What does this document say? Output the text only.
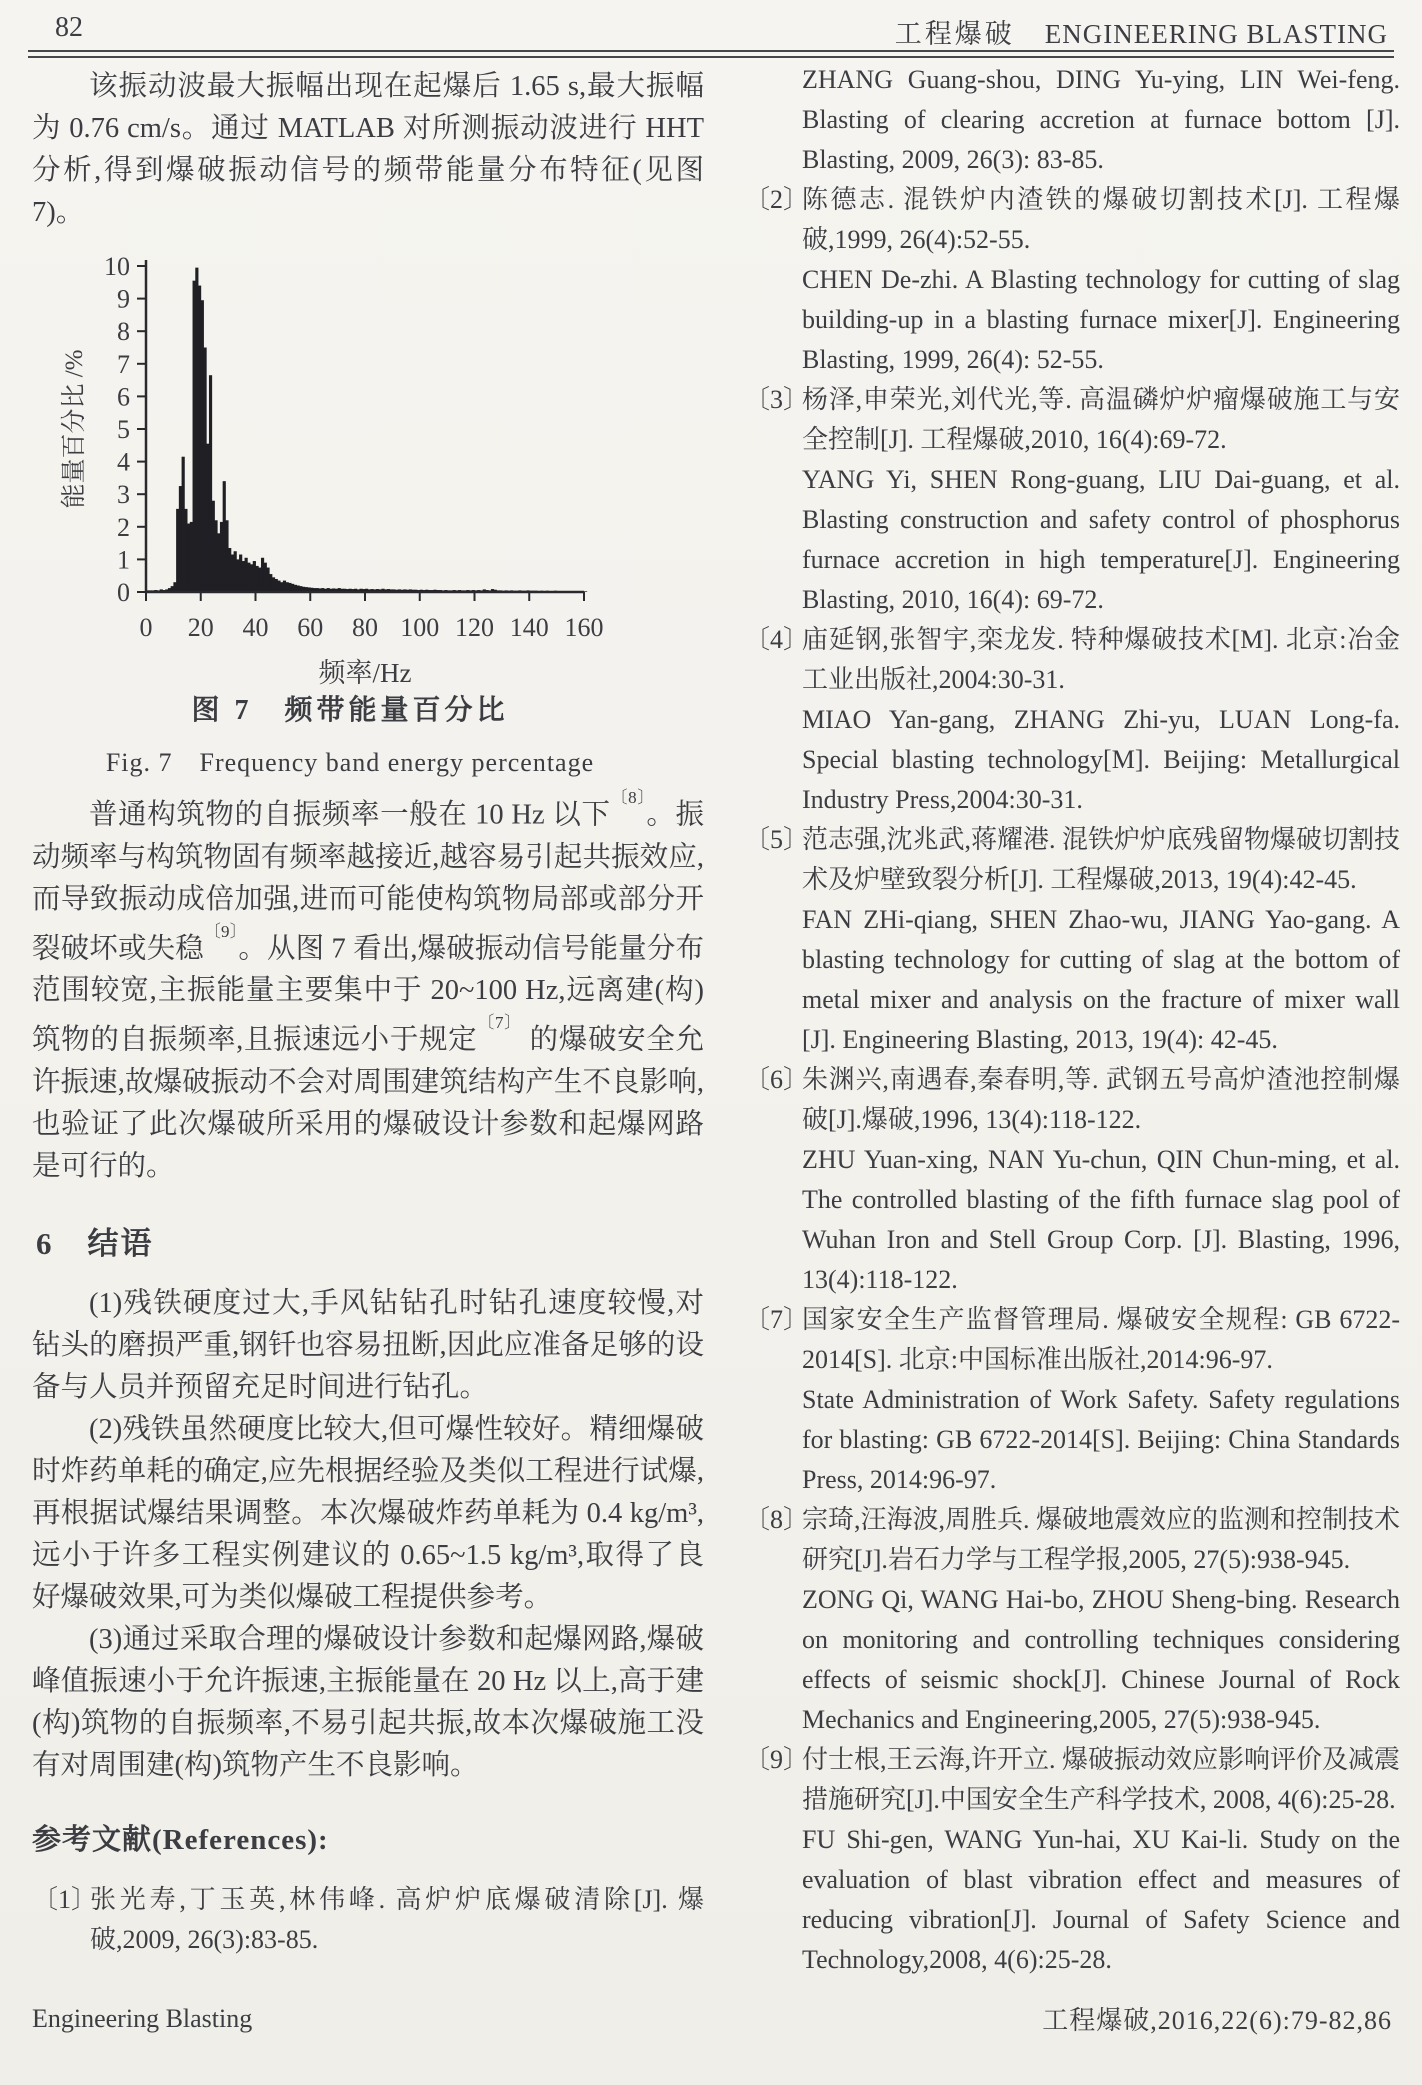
82	工程爆破 ENGINEERING BLASTING

该振动波最大振幅出现在起爆后 1.65 s,最大振幅为 0.76 cm/s。通过 MATLAB 对所测振动波进行 HHT 分析,得到爆破振动信号的频带能量分布特征(见图 7)。

0
1
2
3
4
5
6
7
8
9
10
0 20 40 60 80 100 120 140 160
能量百分比 /%
频率/Hz
图 7　频带能量百分比

Fig. 7　Frequency band energy percentage

普通构筑物的自振频率一般在 10 Hz 以下$^{〔8〕}$。振动频率与构筑物固有频率越接近,越容易引起共振效应,而导致振动成倍加强,进而可能使构筑物局部或部分开裂破坏或失稳$^{〔9〕}$。从图 7 看出,爆破振动信号能量分布范围较宽,主振能量主要集中于 20~100 Hz,远离建(构)筑物的自振频率,且振速远小于规定$^{〔7〕}$ 的爆破安全允许振速,故爆破振动不会对周围建筑结构产生不良影响,也验证了此次爆破所采用的爆破设计参数和起爆网路是可行的。

6 结语

(1)残铁硬度过大,手风钻钻孔时钻孔速度较慢,对钻头的磨损严重,钢钎也容易扭断,因此应准备足够的设备与人员并预留充足时间进行钻孔。

(2)残铁虽然硬度比较大,但可爆性较好。精细爆破时炸药单耗的确定,应先根据经验及类似工程进行试爆,再根据试爆结果调整。本次爆破炸药单耗为 0.4 kg/m³,远小于许多工程实例建议的 0.65~1.5 kg/m³,取得了良好爆破效果,可为类似爆破工程提供参考。

(3)通过采取合理的爆破设计参数和起爆网路,爆破峰值振速小于允许振速,主振能量在 20 Hz 以上,高于建(构)筑物的自振频率,不易引起共振,故本次爆破施工没有对周围建(构)筑物产生不良影响。

参考文献(References):
〔1〕

张光寿,丁玉英,林伟峰. 高炉炉底爆破清除[J]. 爆破,2009, 26(3):83-85.

ZHANG Guang-shou, DING Yu-ying, LIN Wei-feng. Blasting of clearing accretion at furnace bottom [J]. Blasting, 2009, 26(3): 83-85.

〔2〕

陈德志. 混铁炉内渣铁的爆破切割技术[J]. 工程爆破,1999, 26(4):52-55.

CHEN De-zhi. A Blasting technology for cutting of slag building-up in a blasting furnace mixer[J]. Engineering Blasting, 1999, 26(4): 52-55.

〔3〕

杨泽,申荣光,刘代光,等. 高温磷炉炉瘤爆破施工与安全控制[J]. 工程爆破,2010, 16(4):69-72.

YANG Yi, SHEN Rong-guang, LIU Dai-guang, et al. Blasting construction and safety control of phosphorus furnace accretion in high temperature[J]. Engineering Blasting, 2010, 16(4): 69-72.

〔4〕

庙延钢,张智宇,栾龙发. 特种爆破技术[M]. 北京:冶金工业出版社,2004:30-31.

MIAO Yan-gang, ZHANG Zhi-yu, LUAN Long-fa. Special blasting technology[M]. Beijing: Metallurgical Industry Press,2004:30-31.

〔5〕

范志强,沈兆武,蒋耀港. 混铁炉炉底残留物爆破切割技术及炉壁致裂分析[J]. 工程爆破,2013, 19(4):42-45.

FAN ZHi-qiang, SHEN Zhao-wu, JIANG Yao-gang. A blasting technology for cutting of slag at the bottom of metal mixer and analysis on the fracture of mixer wall [J]. Engineering Blasting, 2013, 19(4): 42-45.

〔6〕

朱渊兴,南遇春,秦春明,等. 武钢五号高炉渣池控制爆破[J].爆破,1996, 13(4):118-122.

ZHU Yuan-xing, NAN Yu-chun, QIN Chun-ming, et al. The controlled blasting of the fifth furnace slag pool of Wuhan Iron and Stell Group Corp. [J]. Blasting, 1996, 13(4):118-122.

〔7〕

国家安全生产监督管理局. 爆破安全规程: GB 6722-2014[S]. 北京:中国标准出版社,2014:96-97.

State Administration of Work Safety. Safety regulations for blasting: GB 6722-2014[S]. Beijing: China Standards Press, 2014:96-97.

〔8〕

宗琦,汪海波,周胜兵. 爆破地震效应的监测和控制技术研究[J].岩石力学与工程学报,2005, 27(5):938-945.

ZONG Qi, WANG Hai-bo, ZHOU Sheng-bing. Research on monitoring and controlling techniques considering effects of seismic shock[J]. Chinese Journal of Rock Mechanics and Engineering,2005, 27(5):938-945.

〔9〕

付士根,王云海,许开立. 爆破振动效应影响评价及减震措施研究[J].中国安全生产科学技术, 2008, 4(6):25-28.

FU Shi-gen, WANG Yun-hai, XU Kai-li. Study on the evaluation of blast vibration effect and measures of reducing vibration[J]. Journal of Safety Science and Technology,2008, 4(6):25-28.

Engineering Blasting	工程爆破,2016,22(6):79-82,86
